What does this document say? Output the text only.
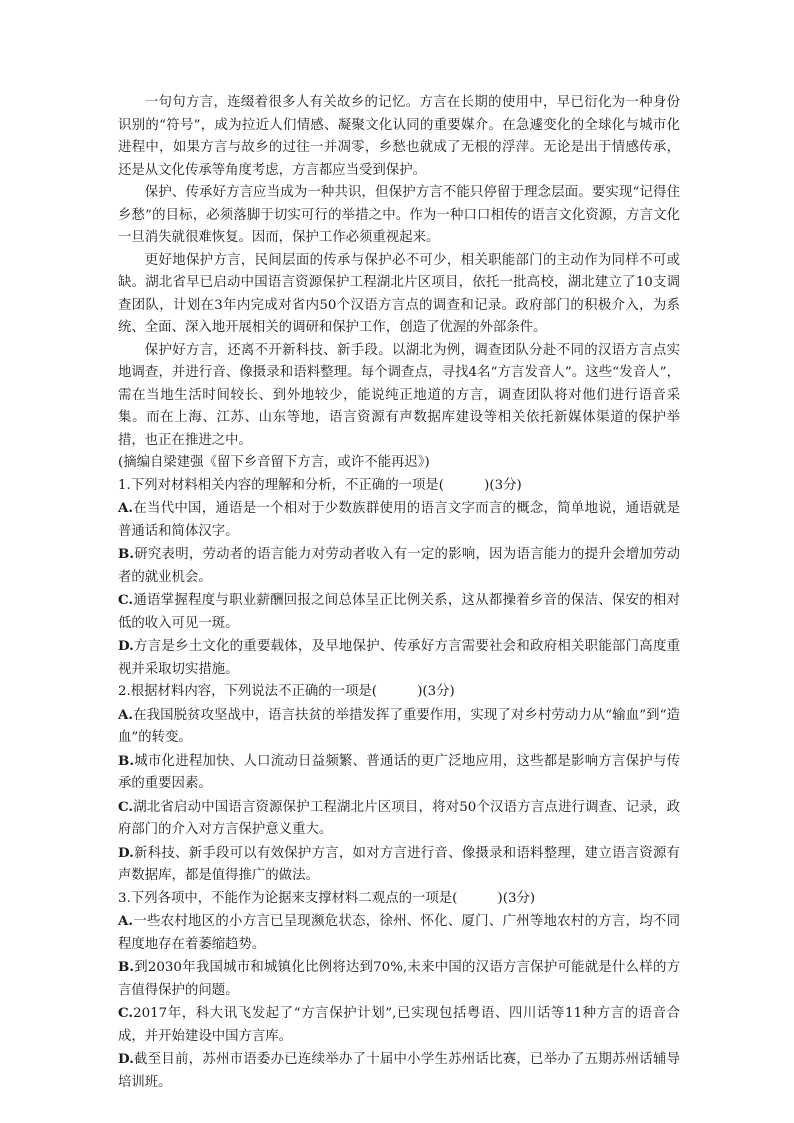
一句句方言，连缀着很多人有关故乡的记忆。方言在长期的使用中，早已衍化为一种身份识别的“符号”，成为拉近人们情感、凝聚文化认同的重要媒介。在急遽变化的全球化与城市化进程中，如果方言与故乡的过往一并凋零，乡愁也就成了无根的浮萍。无论是出于情感传承，还是从文化传承等角度考虑，方言都应当受到保护。

保护、传承好方言应当成为一种共识，但保护方言不能只停留于理念层面。要实现“记得住乡愁”的目标，必须落脚于切实可行的举措之中。作为一种口口相传的语言文化资源，方言文化一旦消失就很难恢复。因而，保护工作必须重视起来。

更好地保护方言，民间层面的传承与保护必不可少，相关职能部门的主动作为同样不可或缺。湖北省早已启动中国语言资源保护工程湖北片区项目，依托一批高校，湖北建立了10支调查团队，计划在3年内完成对省内50个汉语方言点的调查和记录。政府部门的积极介入，为系统、全面、深入地开展相关的调研和保护工作，创造了优渥的外部条件。

保护好方言，还离不开新科技、新手段。以湖北为例，调查团队分赴不同的汉语方言点实地调查，并进行音、像摄录和语料整理。每个调查点，寻找4名“方言发音人”。这些“发音人”，需在当地生活时间较长、到外地较少，能说纯正地道的方言，调查团队将对他们进行语音采集。而在上海、江苏、山东等地，语言资源有声数据库建设等相关依托新媒体渠道的保护举措，也正在推进之中。

(摘编自梁建强《留下乡音留下方言，或许不能再迟》)

1.下列对材料相关内容的理解和分析，不正确的一项是(　　　)(3分)

A.在当代中国，通语是一个相对于少数族群使用的语言文字而言的概念，简单地说，通语就是普通话和简体汉字。

B.研究表明，劳动者的语言能力对劳动者收入有一定的影响，因为语言能力的提升会增加劳动者的就业机会。

C.通语掌握程度与职业薪酬回报之间总体呈正比例关系，这从都操着乡音的保洁、保安的相对低的收入可见一斑。

D.方言是乡土文化的重要载体，及早地保护、传承好方言需要社会和政府相关职能部门高度重视并采取切实措施。

2.根据材料内容，下列说法不正确的一项是(　　　)(3分)

A.在我国脱贫攻坚战中，语言扶贫的举措发挥了重要作用，实现了对乡村劳动力从“输血”到“造血”的转变。

B.城市化进程加快、人口流动日益频繁、普通话的更广泛地应用，这些都是影响方言保护与传承的重要因素。

C.湖北省启动中国语言资源保护工程湖北片区项目，将对50个汉语方言点进行调查、记录，政府部门的介入对方言保护意义重大。

D.新科技、新手段可以有效保护方言，如对方言进行音、像摄录和语料整理，建立语言资源有声数据库，都是值得推广的做法。

3.下列各项中，不能作为论据来支撑材料二观点的一项是(　　　)(3分)

A.一些农村地区的小方言已呈现濒危状态，徐州、怀化、厦门、广州等地农村的方言，均不同程度地存在着萎缩趋势。

B.到2030年我国城市和城镇化比例将达到70%,未来中国的汉语方言保护可能就是什么样的方言值得保护的问题。

C.2017年，科大讯飞发起了“方言保护计划”,已实现包括粤语、四川话等11种方言的语音合成，并开始建设中国方言库。

D.截至目前，苏州市语委办已连续举办了十届中小学生苏州话比赛，已举办了五期苏州话辅导培训班。
